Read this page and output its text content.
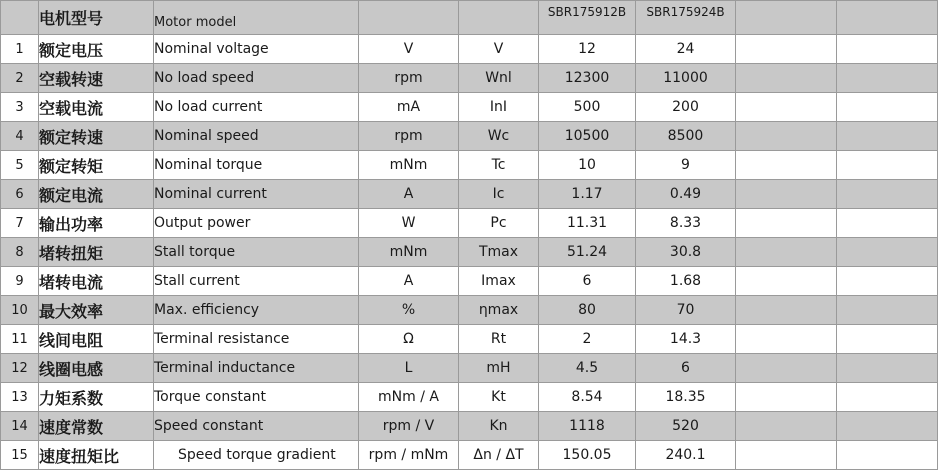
	电机型号	Motor model			SBR175912B	SBR175924B		
1	额定电压	Nominal voltage	V	V	12	24		
2	空载转速	No load speed	rpm	Wnl	12300	11000		
3	空载电流	No load current	mA	InI	500	200		
4	额定转速	Nominal speed	rpm	Wc	10500	8500		
5	额定转矩	Nominal torque	mNm	Tc	10	9		
6	额定电流	Nominal current	A	Ic	1.17	0.49		
7	输出功率	Output power	W	Pc	11.31	8.33		
8	堵转扭矩	Stall torque	mNm	Tmax	51.24	30.8		
9	堵转电流	Stall current	A	Imax	6	1.68		
10	最大效率	Max. efficiency	%	ηmax	80	70		
11	线间电阻	Terminal resistance	Ω	Rt	2	14.3		
12	线圈电感	Terminal inductance	L	mH	4.5	6		
13	力矩系数	Torque constant	mNm / A	Kt	8.54	18.35		
14	速度常数	Speed constant	rpm / V	Kn	1118	520		
15	速度扭矩比	Speed torque gradient	rpm / mNm	Δn / ΔT	150.05	240.1		
